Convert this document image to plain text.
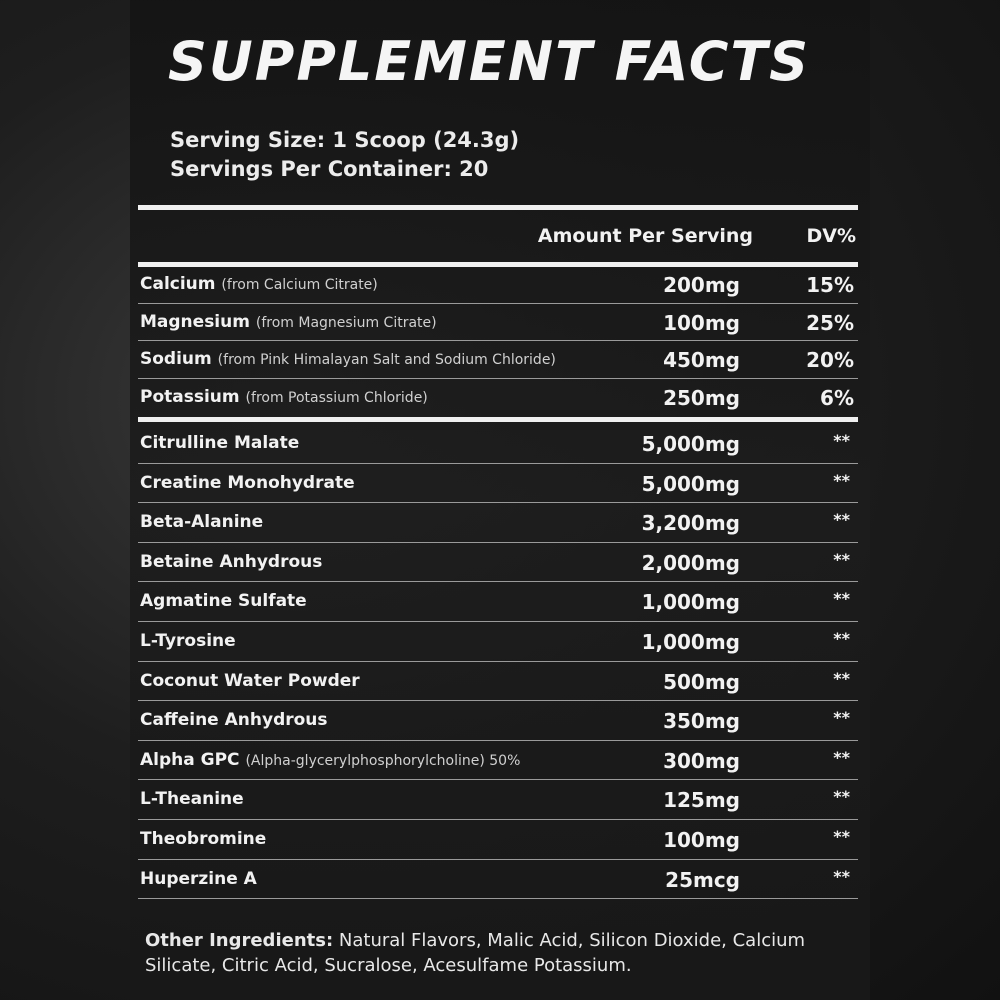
SUPPLEMENT FACTS
Serving Size: 1 Scoop (24.3g)
Servings Per Container: 20
Amount Per Serving	DV%
Calcium (from Calcium Citrate)	200mg	15%
Magnesium (from Magnesium Citrate)	100mg	25%
Sodium (from Pink Himalayan Salt and Sodium Chloride)	450mg	20%
Potassium (from Potassium Chloride)	250mg	6%
Citrulline Malate	5,000mg	**
Creatine Monohydrate	5,000mg	**
Beta-Alanine	3,200mg	**
Betaine Anhydrous	2,000mg	**
Agmatine Sulfate	1,000mg	**
L-Tyrosine	1,000mg	**
Coconut Water Powder	500mg	**
Caffeine Anhydrous	350mg	**
Alpha GPC (Alpha-glycerylphosphorylcholine) 50%	300mg	**
L-Theanine	125mg	**
Theobromine	100mg	**
Huperzine A	25mcg	**
Other Ingredients: Natural Flavors, Malic Acid, Silicon Dioxide, Calcium Silicate, Citric Acid, Sucralose, Acesulfame Potassium.
